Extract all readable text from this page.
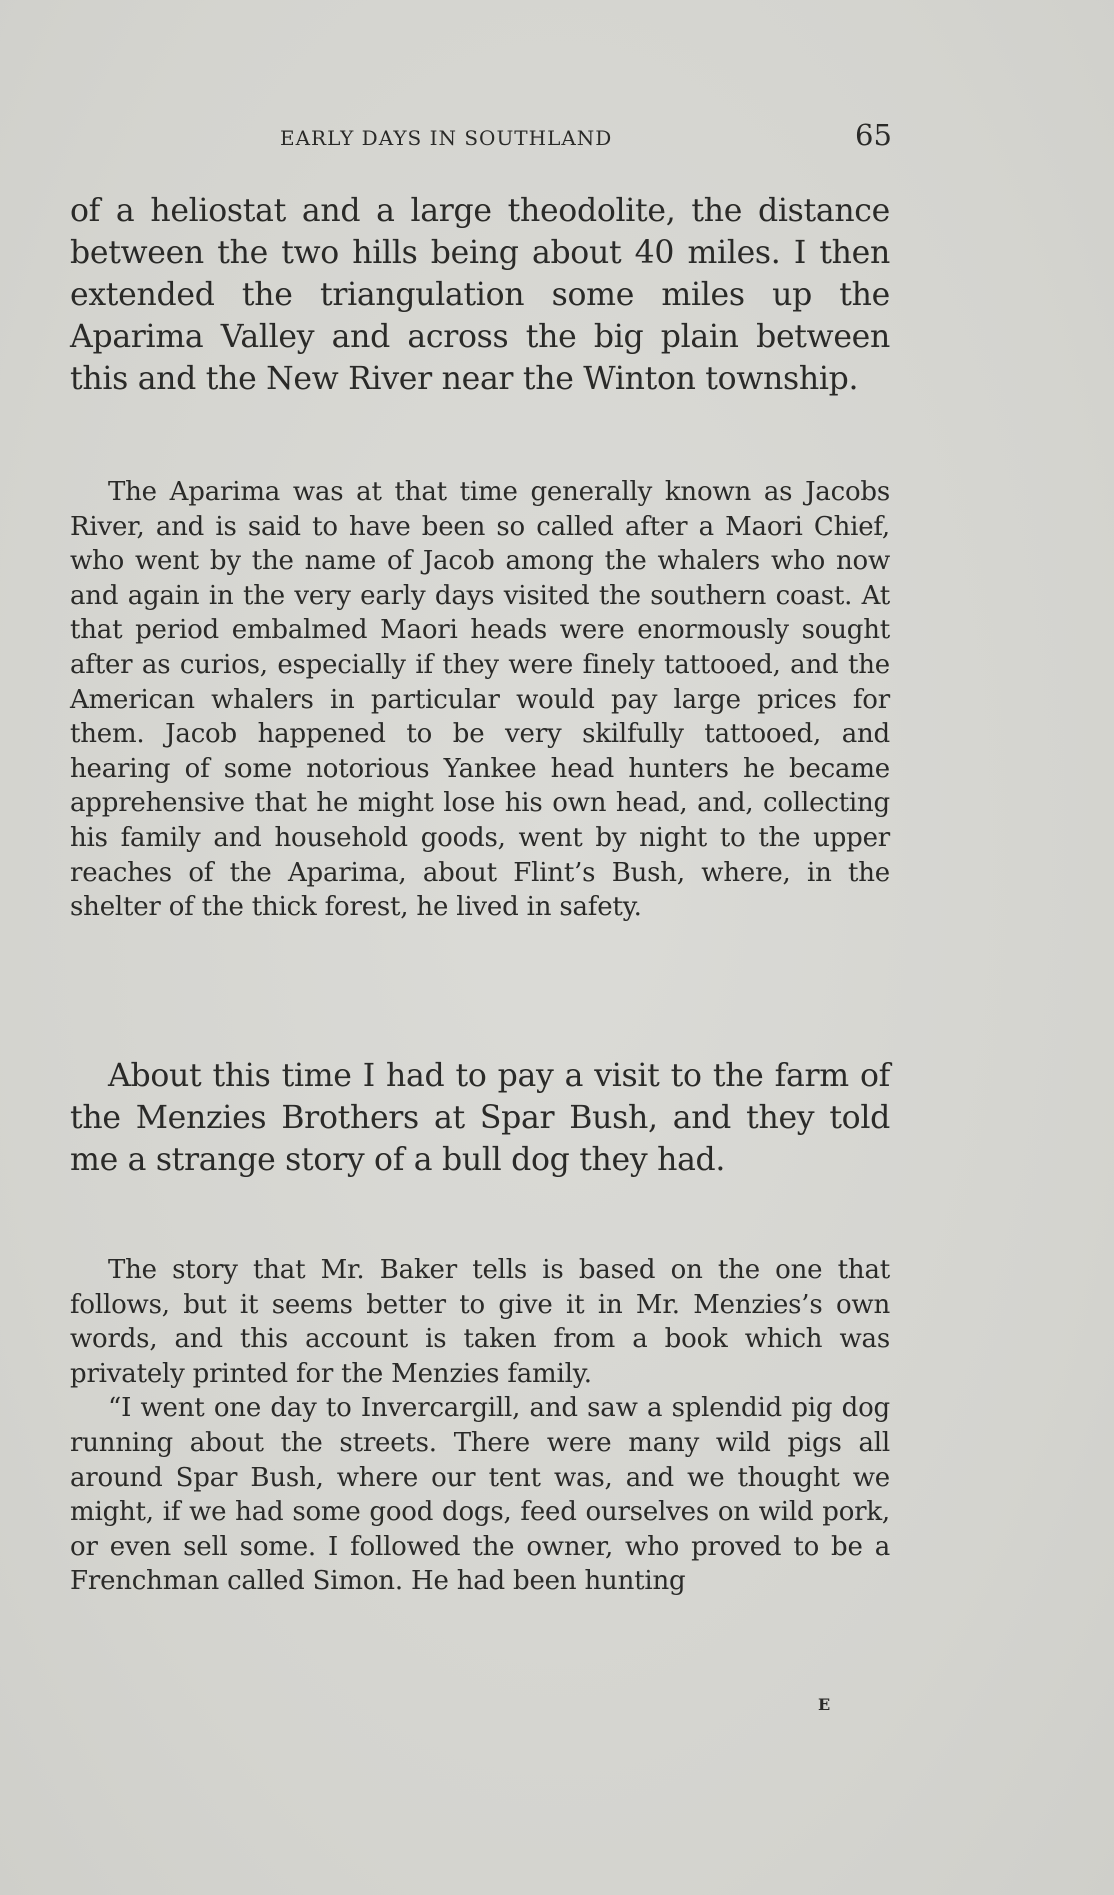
EARLY DAYS IN SOUTHLAND	65

of a heliostat and a large theodolite, the distance between the two hills being about 40 miles. I then extended the triangulation some miles up the Aparima Valley and across the big plain between this and the New River near the Winton township.

The Aparima was at that time generally known as Jacobs River, and is said to have been so called after a Maori Chief, who went by the name of Jacob among the whalers who now and again in the very early days visited the southern coast. At that period embalmed Maori heads were enormously sought after as curios, especially if they were finely tattooed, and the American whalers in particular would pay large prices for them. Jacob happened to be very skilfully tattooed, and hearing of some notorious Yankee head hunters he became apprehensive that he might lose his own head, and, collecting his family and household goods, went by night to the upper reaches of the Aparima, about Flint’s Bush, where, in the shelter of the thick forest, he lived in safety.

About this time I had to pay a visit to the farm of the Menzies Brothers at Spar Bush, and they told me a strange story of a bull dog they had.

The story that Mr. Baker tells is based on the one that follows, but it seems better to give it in Mr. Menzies’s own words, and this account is taken from a book which was privately printed for the Menzies family.

“I went one day to Invercargill, and saw a splendid pig dog running about the streets. There were many wild pigs all around Spar Bush, where our tent was, and we thought we might, if we had some good dogs, feed ourselves on wild pork, or even sell some. I followed the owner, who proved to be a Frenchman called Simon. He had been hunting

E
